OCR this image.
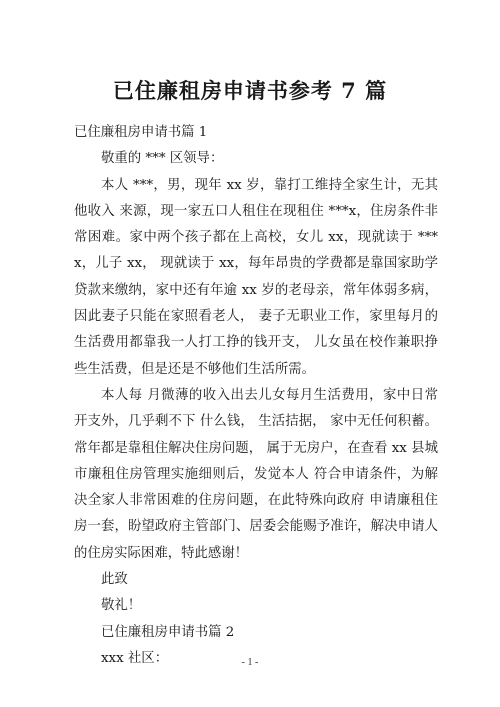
已住廉租房申请书参考 7 篇

已住廉租房申请书篇 1

敬重的 *** 区领导：

本人 ***，男，现年 xx 岁，靠打工维持全家生计，无其他收入 来源，现一家五口人租住在现租住 ***x，住房条件非常困难。家中两个孩子都在上高校，女儿 xx，现就读于 ***x，儿子 xx， 现就读于 xx，每年昂贵的学费都是靠国家助学贷款来缴纳，家中还有年逾 xx 岁的老母亲，常年体弱多病，因此妻子只能在家照看老人， 妻子无职业工作，家里每月的生活费用都靠我一人打工挣的钱开支， 儿女虽在校作兼职挣些生活费，但是还是不够他们生活所需。

本人每 月微薄的收入出去儿女每月生活费用，家中日常开支外，几乎剩不下 什么钱， 生活拮据， 家中无任何积蓄。 常年都是靠租住解决住房问题， 属于无房户，在查看 xx 县城市廉租住房管理实施细则后，发觉本人 符合申请条件，为解决全家人非常困难的住房问题，在此特殊向政府 申请廉租住房一套，盼望政府主管部门、居委会能赐予准许，解决申请人的住房实际困难，特此感谢！

此致

敬礼！

已住廉租房申请书篇 2

xxx 社区：	- 1 -
